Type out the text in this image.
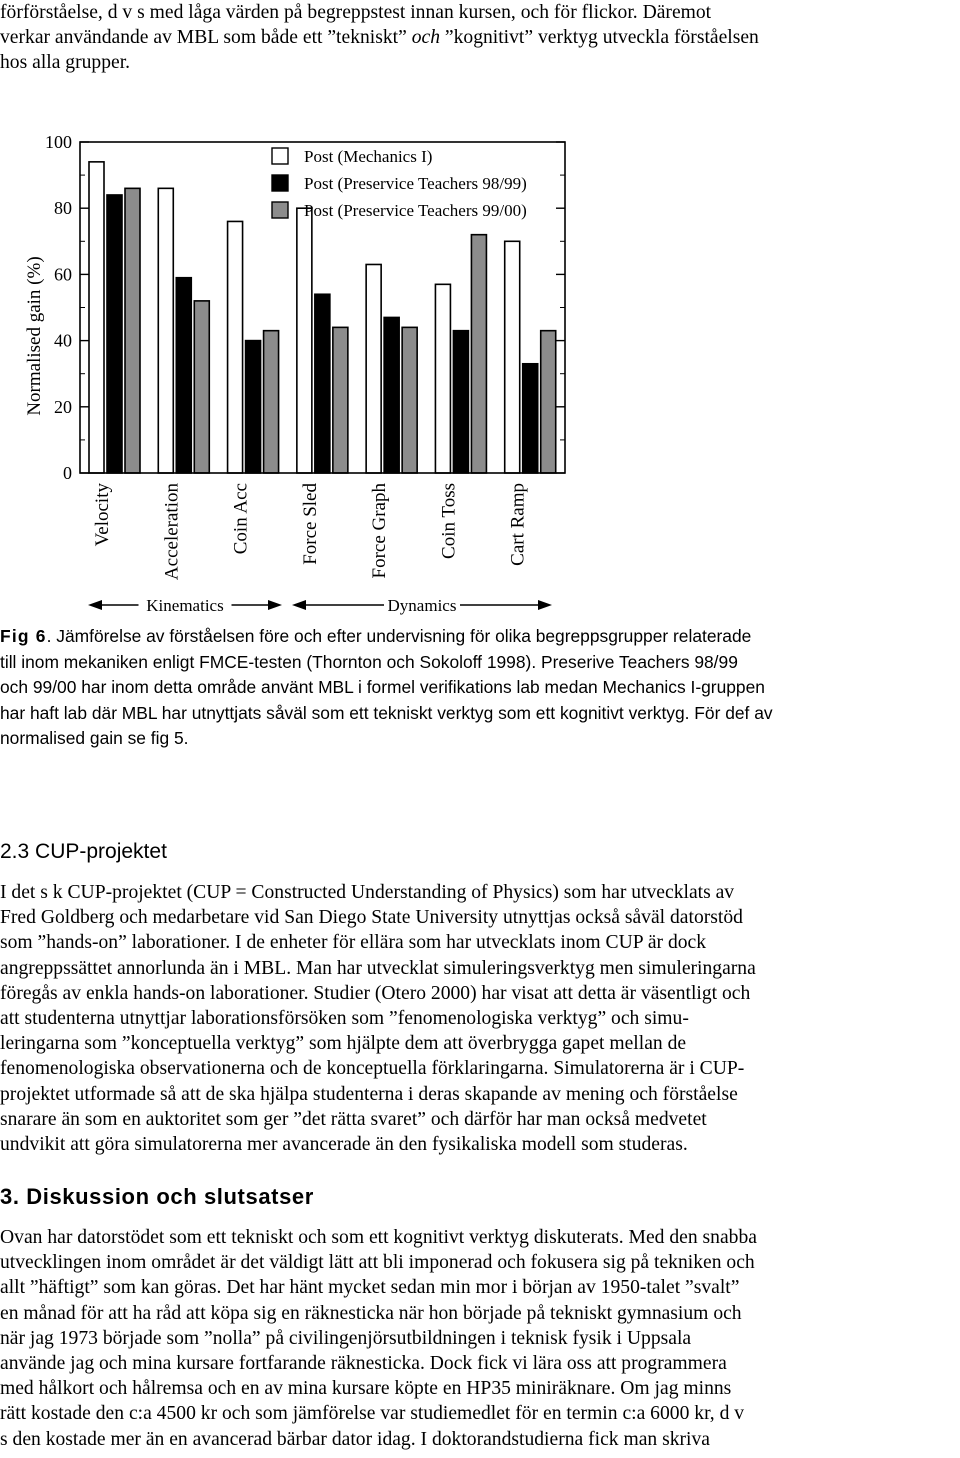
förförståelse, d v s med låga värden på begreppstest innan kursen, och för flickor. Däremot
verkar användande av MBL som både ett ”tekniskt” och ”kognitivt” verktyg utveckla förståelsen
hos alla grupper.
0
20
40
60
80
100
Velocity	Acceleration	Coin Acc	Force Sled	Force Graph	Coin Toss	Cart Ramp
Normalised gain (%)
Post (Mechanics I)
Post (Preservice Teachers 98/99)
Post (Preservice Teachers 99/00)
Kinematics	Dynamics
Fig 6. Jämförelse av förståelsen före och efter undervisning för olika begreppsgrupper relaterade
till inom mekaniken enligt FMCE-testen (Thornton och Sokoloff 1998). Preserive Teachers 98/99
och 99/00 har inom detta område använt MBL i formel verifikations lab medan Mechanics I-gruppen
har haft lab där MBL har utnyttjats såväl som ett tekniskt verktyg som ett kognitivt verktyg. För def av
normalised gain se fig 5.
2.3 CUP-projektet
I det s k CUP-projektet (CUP = Constructed Understanding of Physics) som har utvecklats av
Fred Goldberg och medarbetare vid San Diego State University utnyttjas också såväl datorstöd
som ”hands-on” laborationer. I de enheter för ellära som har utvecklats inom CUP är dock
angreppssättet annorlunda än i MBL. Man har utvecklat simuleringsverktyg men simuleringarna
föregås av enkla hands-on laborationer. Studier (Otero 2000) har visat att detta är väsentligt och
att studenterna utnyttjar laborationsförsöken som ”fenomenologiska verktyg” och simu-
leringarna som ”konceptuella verktyg” som hjälpte dem att överbrygga gapet mellan de
fenomenologiska observationerna och de konceptuella förklaringarna. Simulatorerna är i CUP-
projektet utformade så att de ska hjälpa studenterna i deras skapande av mening och förståelse
snarare än som en auktoritet som ger ”det rätta svaret” och därför har man också medvetet
undvikit att göra simulatorerna mer avancerade än den fysikaliska modell som studeras.
3. Diskussion och slutsatser
Ovan har datorstödet som ett tekniskt och som ett kognitivt verktyg diskuterats. Med den snabba
utvecklingen inom området är det väldigt lätt att bli imponerad och fokusera sig på tekniken och
allt ”häftigt” som kan göras. Det har hänt mycket sedan min mor i början av 1950-talet ”svalt”
en månad för att ha råd att köpa sig en räknesticka när hon började på tekniskt gymnasium och
när jag 1973 började som ”nolla” på civilingenjörsutbildningen i teknisk fysik i Uppsala
använde jag och mina kursare fortfarande räknesticka. Dock fick vi lära oss att programmera
med hålkort och hålremsa och en av mina kursare köpte en HP35 miniräknare. Om jag minns
rätt kostade den c:a 4500 kr och som jämförelse var studiemedlet för en termin c:a 6000 kr, d v
s den kostade mer än en avancerad bärbar dator idag. I doktorandstudierna fick man skriva
